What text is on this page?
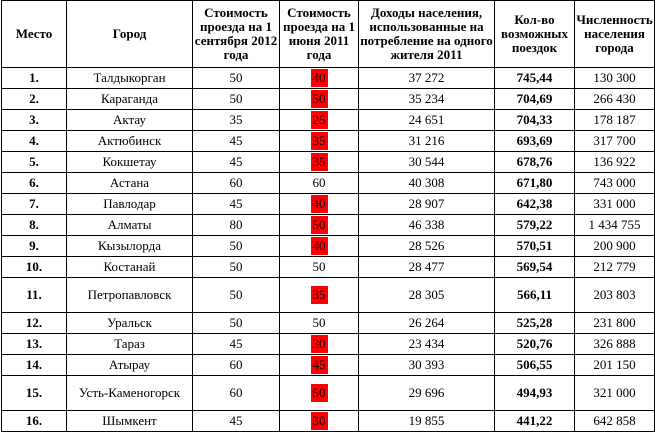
Место	Город	Стоимость проезда на 1 сентября 2012 года	Стоимость проезда на 1 июня 2011 года	Доходы населения, использованные на потребление на одного жителя 2011	Кол-во возможных поездок	Численность населения города
1.	Талдыкорган	50	40	37 272	745,44	130 300
2.	Караганда	50	50	35 234	704,69	266 430
3.	Актау	35	25	24 651	704,33	178 187
4.	Актюбинск	45	35	31 216	693,69	317 700
5.	Кокшетау	45	35	30 544	678,76	136 922
6.	Астана	60	60	40 308	671,80	743 000
7.	Павлодар	45	40	28 907	642,38	331 000
8.	Алматы	80	50	46 338	579,22	1 434 755
9.	Кызылорда	50	40	28 526	570,51	200 900
10.	Костанай	50	50	28 477	569,54	212 779
11.	Петропавловск	50	35	28 305	566,11	203 803
12.	Уральск	50	50	26 264	525,28	231 800
13.	Тараз	45	30	23 434	520,76	326 888
14.	Атырау	60	45	30 393	506,55	201 150
15.	Усть-Каменогорск	60	50	29 696	494,93	321 000
16.	Шымкент	45	30	19 855	441,22	642 858
